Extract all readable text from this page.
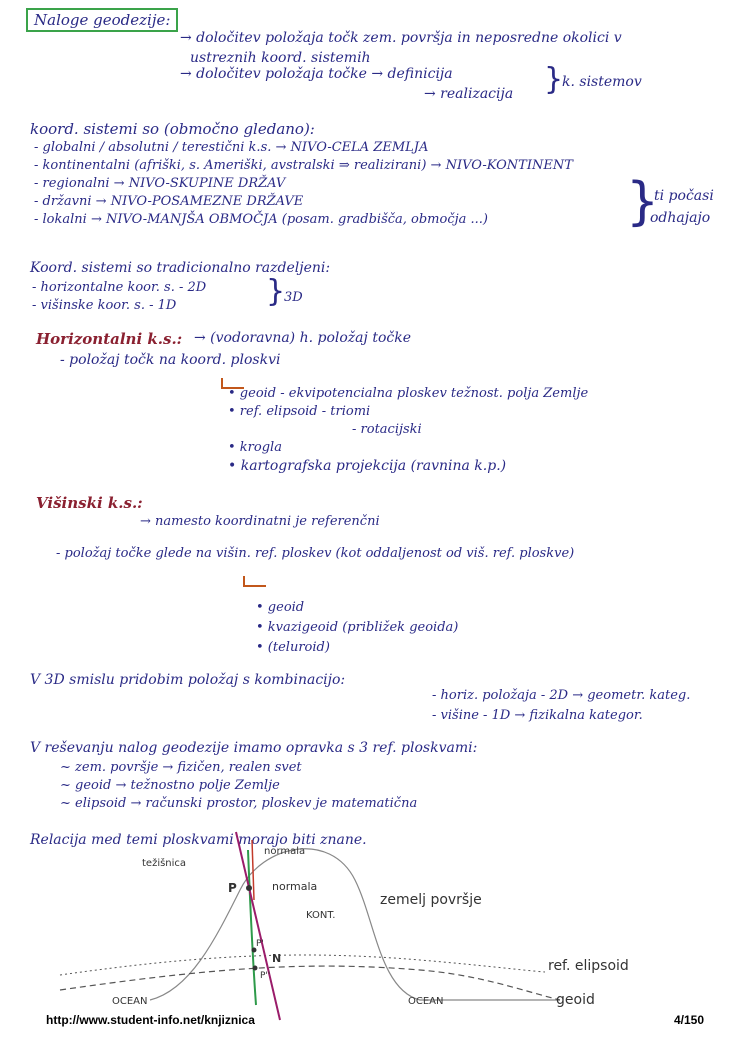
Naloge geodezije:
→ določitev položaja točk zem. površja in neposredne okolici v
ustreznih koord. sistemih
→ določitev položaja točke → definicija
→ realizacija }
k. sistemov
koord. sistemi so (območno gledano):
- globalni / absolutni / terestični k.s. → NIVO-CELA ZEMLJA
- kontinentalni (afriški, s. Ameriški, avstralski ⇒ realizirani) → NIVO-KONTINENT
- regionalni → NIVO-SKUPINE DRŽAV
- državni → NIVO-POSAMEZNE DRŽAVE
- lokalni → NIVO-MANJŠA OBMOČJA (posam. gradbišča, območja ...)	}
ti počasi
odhajajo
Koord. sistemi so tradicionalno razdeljeni:
- horizontalne koor. s. - 2D
- višinske koor. s. - 1D	}
3D
Horizontalni k.s.: → (vodoravna) h. položaj točke
- položaj točk na koord. ploskvi
• geoid - ekvipotencialna ploskev težnost. polja Zemlje
• ref. elipsoid - triomi
- rotacijski
• krogla
• kartografska projekcija (ravnina k.p.)
Višinski k.s.:
→ namesto koordinatni je referenčni
- položaj točke glede na višin. ref. ploskev (kot oddaljenost od viš. ref. ploskve)
• geoid
• kvazigeoid (približek geoida)
• (teluroid)
V 3D smislu pridobim položaj s kombinacijo:
- horiz. položaja - 2D → geometr. kateg.
- višine - 1D → fizikalna kategor.
V reševanju nalog geodezije imamo opravka s 3 ref. ploskvami:
~ zem. površje → fizičen, realen svet
~ geoid → težnostno polje Zemlje
~ elipsoid → računski prostor, ploskev je matematična
Relacija med temi ploskvami morajo biti znane.
težišnica
normala
P	normala
KONT.
P'
N
P''
OCEAN	OCEAN
zemelj površje
ref. elipsoid
geoid
http://www.student-info.net/knjiznica	4/150
